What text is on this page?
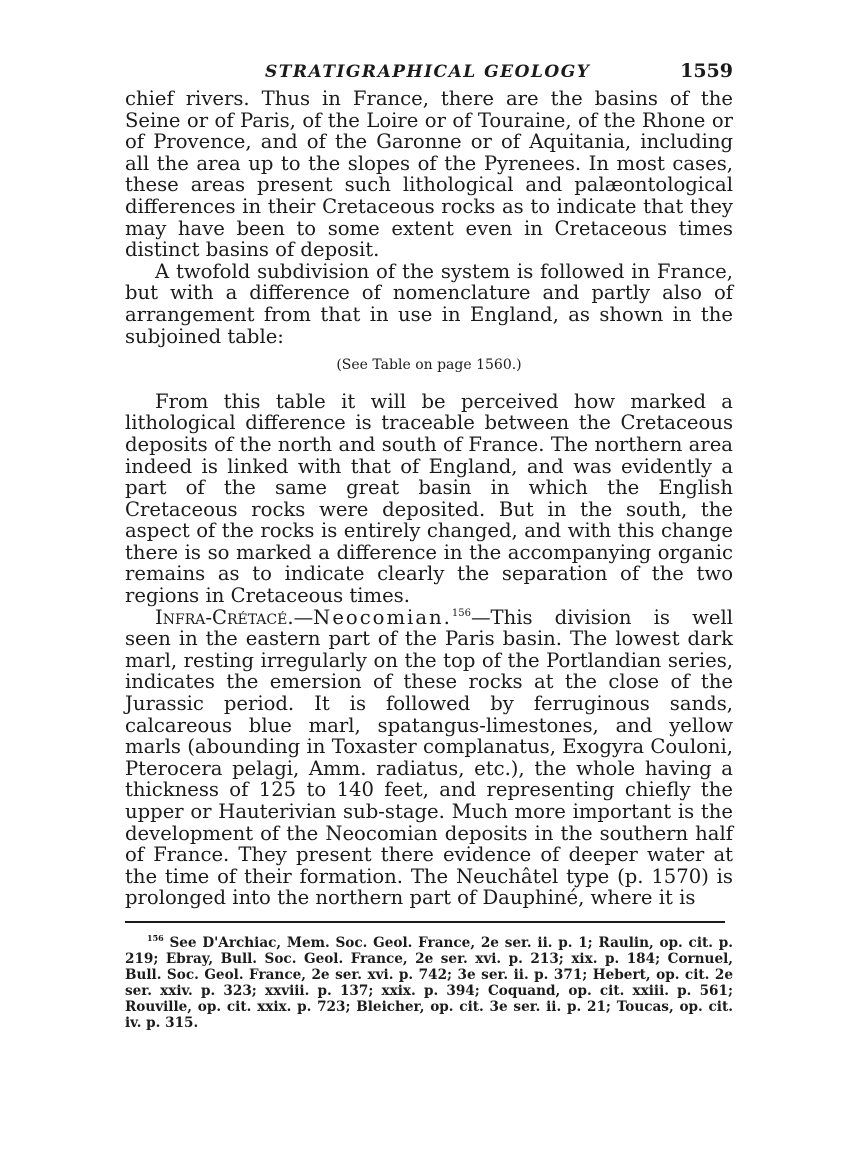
STRATIGRAPHICAL GEOLOGY	1559

chief rivers. Thus in France, there are the basins of the Seine or of Paris, of the Loire or of Touraine, of the Rhone or of Provence, and of the Garonne or of Aquitania, including all the area up to the slopes of the Pyrenees. In most cases, these areas present such lithological and palæontological differences in their Cretaceous rocks as to indicate that they may have been to some extent even in Cretaceous times distinct basins of deposit.

A twofold subdivision of the system is followed in France, but with a difference of nomenclature and partly also of arrangement from that in use in England, as shown in the subjoined table:

(See Table on page 1560.)

From this table it will be perceived how marked a lithological difference is traceable between the Cretaceous deposits of the north and south of France. The northern area indeed is linked with that of England, and was evidently a part of the same great basin in which the English Cretaceous rocks were deposited. But in the south, the aspect of the rocks is entirely changed, and with this change there is so marked a difference in the accompanying organic remains as to indicate clearly the separation of the two regions in Cretaceous times.

Infra-Crétacé.—Neocomian.$^{156}$—This division is well seen in the eastern part of the Paris basin. The lowest dark marl, resting irregularly on the top of the Portlandian series, indicates the emersion of these rocks at the close of the Jurassic period. It is followed by ferruginous sands, calcareous blue marl, spatangus-limestones, and yellow marls (abounding in Toxaster complanatus, Exogyra Couloni, Pterocera pelagi, Amm. radiatus, etc.), the whole having a thickness of 125 to 140 feet, and representing chiefly the upper or Hauterivian sub-stage. Much more important is the development of the Neocomian deposits in the southern half of France. They present there evidence of deeper water at the time of their formation. The Neuchâtel type (p. 1570) is prolonged into the northern part of Dauphiné, where it is

$^{156}$ See D'Archiac, Mem. Soc. Geol. France, 2e ser. ii. p. 1; Raulin, op. cit. p. 219; Ebray, Bull. Soc. Geol. France, 2e ser. xvi. p. 213; xix. p. 184; Cornuel, Bull. Soc. Geol. France, 2e ser. xvi. p. 742; 3e ser. ii. p. 371; Hebert, op. cit. 2e ser. xxiv. p. 323; xxviii. p. 137; xxix. p. 394; Coquand, op. cit. xxiii. p. 561; Rouville, op. cit. xxix. p. 723; Bleicher, op. cit. 3e ser. ii. p. 21; Toucas, op. cit. iv. p. 315.
